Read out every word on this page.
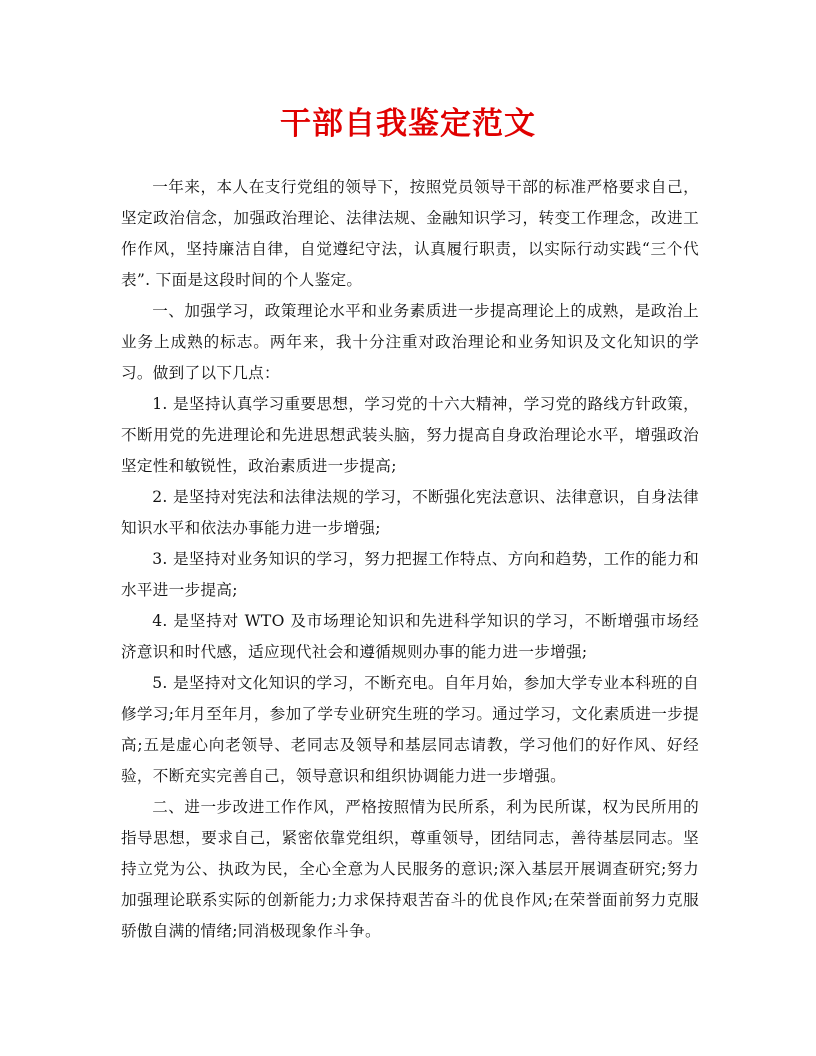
干部自我鉴定范文

一年来，本人在支行党组的领导下，按照党员领导干部的标准严格要求自己，坚定政治信念，加强政治理论、法律法规、金融知识学习，转变工作理念，改进工作作风，坚持廉洁自律，自觉遵纪守法，认真履行职责，以实际行动实践“三个代表”. 下面是这段时间的个人鉴定。

一、加强学习，政策理论水平和业务素质进一步提高理论上的成熟，是政治上业务上成熟的标志。两年来，我十分注重对政治理论和业务知识及文化知识的学习。做到了以下几点：

1. 是坚持认真学习重要思想，学习党的十六大精神，学习党的路线方针政策，不断用党的先进理论和先进思想武装头脑，努力提高自身政治理论水平，增强政治坚定性和敏锐性，政治素质进一步提高;

2. 是坚持对宪法和法律法规的学习，不断强化宪法意识、法律意识，自身法律知识水平和依法办事能力进一步增强;

3. 是坚持对业务知识的学习，努力把握工作特点、方向和趋势，工作的能力和水平进一步提高;

4. 是坚持对 WTO 及市场理论知识和先进科学知识的学习，不断增强市场经济意识和时代感，适应现代社会和遵循规则办事的能力进一步增强;

5. 是坚持对文化知识的学习，不断充电。自年月始，参加大学专业本科班的自修学习;年月至年月，参加了学专业研究生班的学习。通过学习，文化素质进一步提高;五是虚心向老领导、老同志及领导和基层同志请教，学习他们的好作风、好经验，不断充实完善自己，领导意识和组织协调能力进一步增强。

二、进一步改进工作作风，严格按照情为民所系，利为民所谋，权为民所用的指导思想，要求自己，紧密依靠党组织，尊重领导，团结同志，善待基层同志。坚持立党为公、执政为民，全心全意为人民服务的意识;深入基层开展调查研究;努力加强理论联系实际的创新能力;力求保持艰苦奋斗的优良作风;在荣誉面前努力克服骄傲自满的情绪;同消极现象作斗争。
